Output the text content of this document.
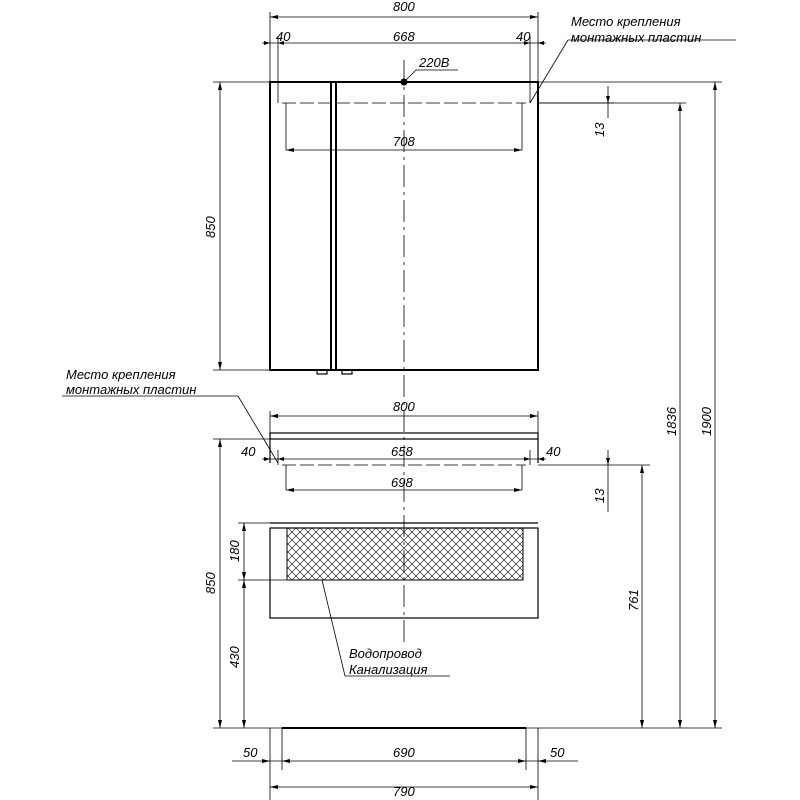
800
40	668	40
220В
708
850
13
Место крепления
монтажных пластин
800
40	658	40
698
13
180
430
850
761
50	690	50
790
Место крепления
монтажных пластин
Водопровод
Канализация
1836 1900
